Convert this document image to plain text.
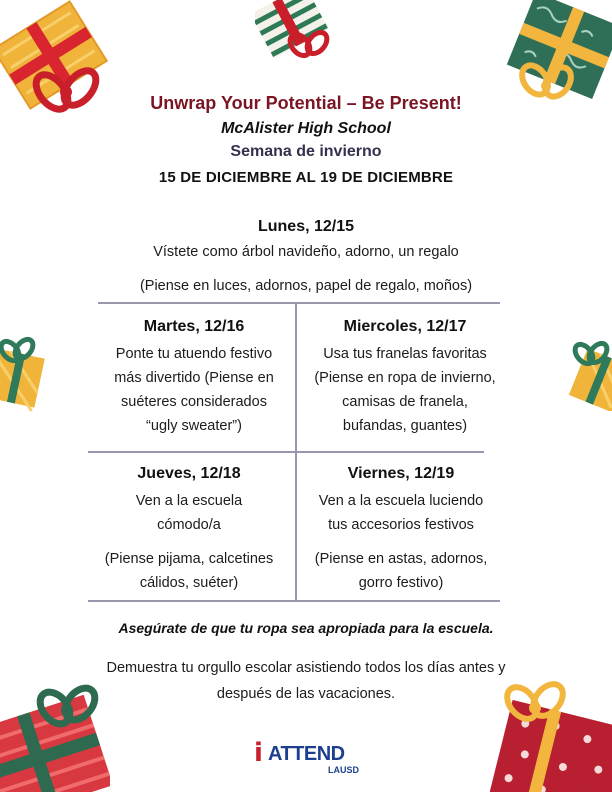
Unwrap Your Potential – Be Present!
McAlister High School
Semana de invierno
15 DE DICIEMBRE AL 19 DE DICIEMBRE
Lunes, 12/15
Vístete como árbol navideño, adorno, un regalo
(Piense en luces, adornos, papel de regalo, moños)
Martes, 12/16
Ponte tu atuendo festivo
más divertido (Piense en
suéteres considerados
“ugly sweater”)
Miercoles, 12/17
Usa tus franelas favoritas
(Piense en ropa de invierno,
camisas de franela,
bufandas, guantes)
Jueves, 12/18
Ven a la escuela
cómodo/a
(Piense pijama, calcetines
cálidos, suéter)
Viernes, 12/19
Ven a la escuela luciendo
tus accesorios festivos
(Piense en astas, adornos,
gorro festivo)
Asegúrate de que tu ropa sea apropiada para la escuela.
Demuestra tu orgullo escolar asistiendo todos los días antes y
después de las vacaciones.
i ATTEND
LAUSD
